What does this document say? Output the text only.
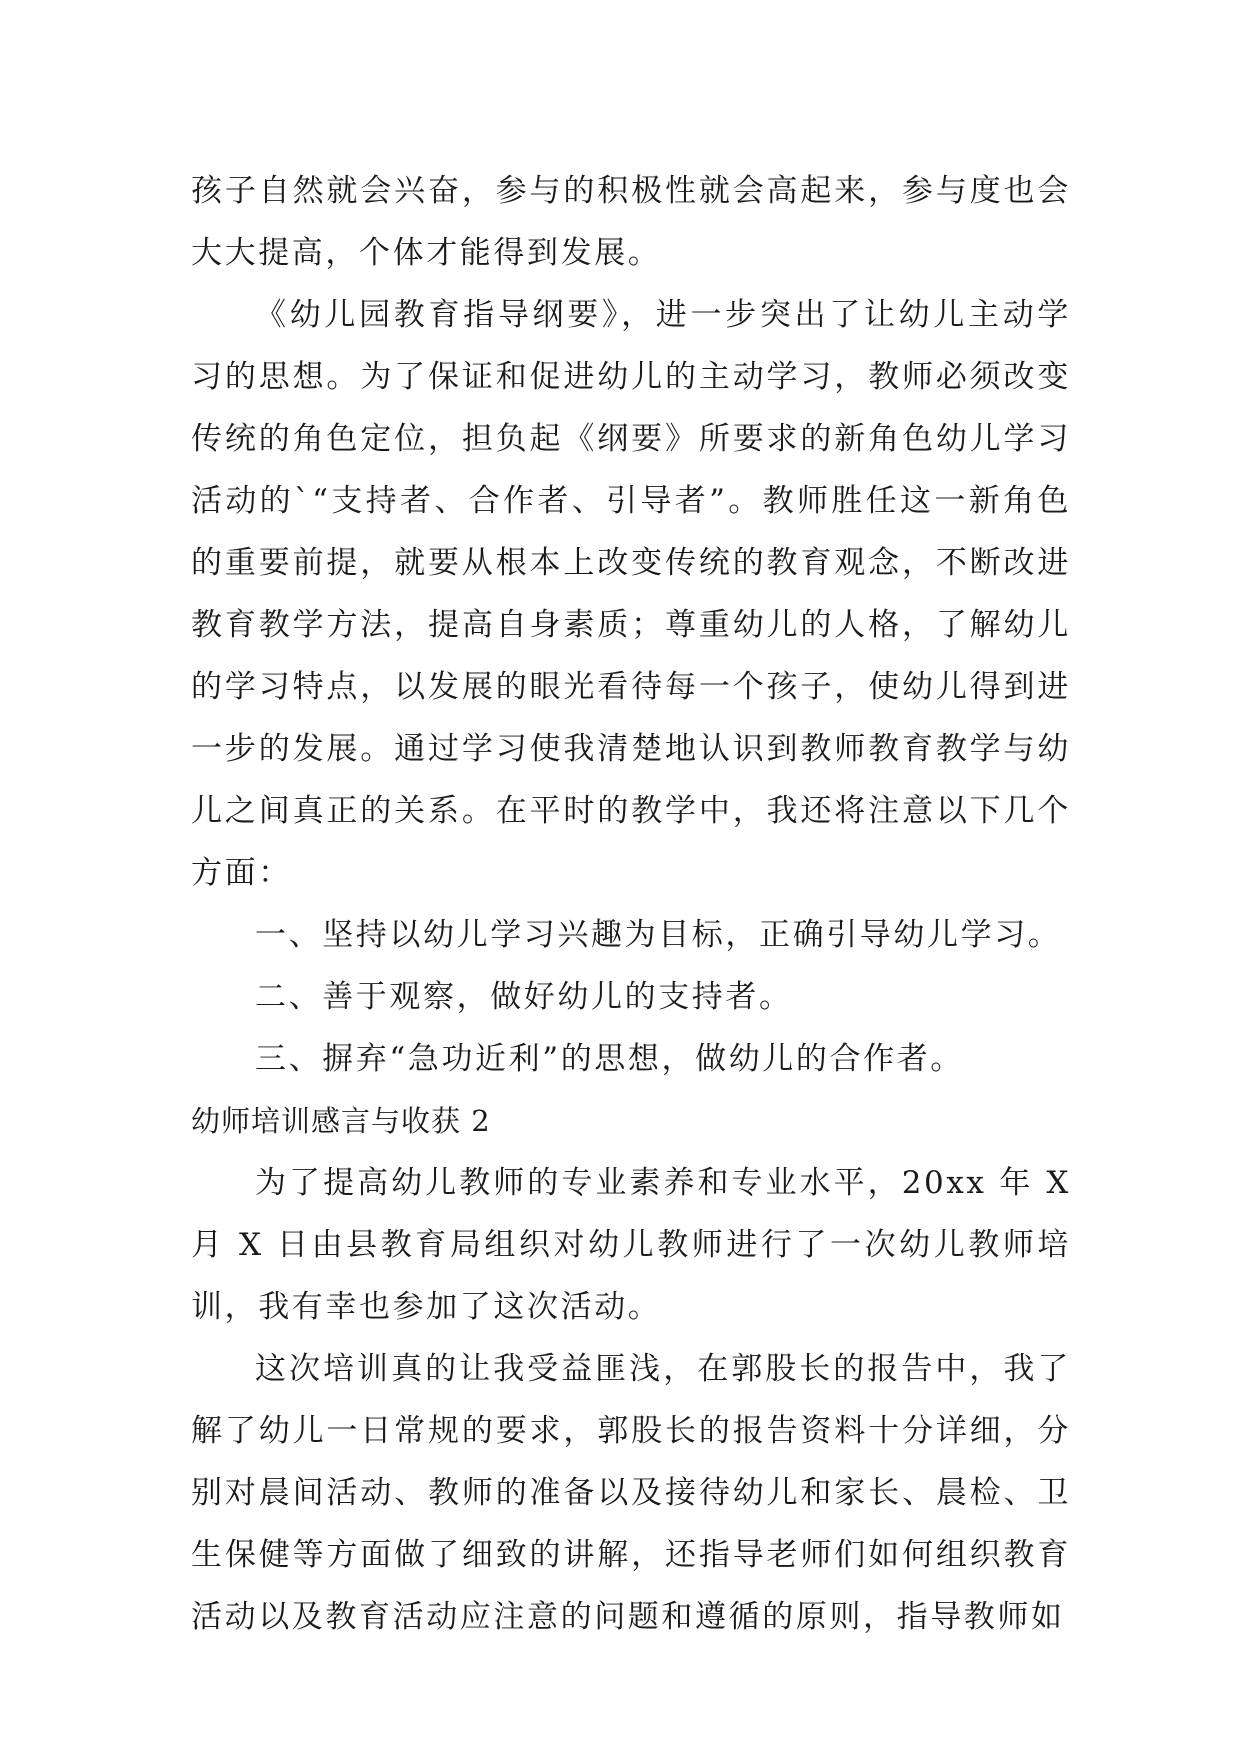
孩子自然就会兴奋，参与的积极性就会高起来，参与度也会大大提高，个体才能得到发展。

《幼儿园教育指导纲要》，进一步突出了让幼儿主动学习的思想。为了保证和促进幼儿的主动学习，教师必须改变传统的角色定位，担负起《纲要》所要求的新角色幼儿学习活动的`“支持者、合作者、引导者”。教师胜任这一新角色的重要前提，就要从根本上改变传统的教育观念，不断改进教育教学方法，提高自身素质；尊重幼儿的人格，了解幼儿的学习特点，以发展的眼光看待每一个孩子，使幼儿得到进一步的发展。通过学习使我清楚地认识到教师教育教学与幼儿之间真正的关系。在平时的教学中，我还将注意以下几个方面：

一、坚持以幼儿学习兴趣为目标，正确引导幼儿学习。

二、善于观察，做好幼儿的支持者。

三、摒弃“急功近利”的思想，做幼儿的合作者。

幼师培训感言与收获 2

为了提高幼儿教师的专业素养和专业水平，20xx 年 X 月 X 日由县教育局组织对幼儿教师进行了一次幼儿教师培训，我有幸也参加了这次活动。

这次培训真的让我受益匪浅，在郭股长的报告中，我了解了幼儿一日常规的要求，郭股长的报告资料十分详细，分别对晨间活动、教师的准备以及接待幼儿和家长、晨检、卫生保健等方面做了细致的讲解，还指导老师们如何组织教育活动以及教育活动应注意的问题和遵循的原则，指导教师如
